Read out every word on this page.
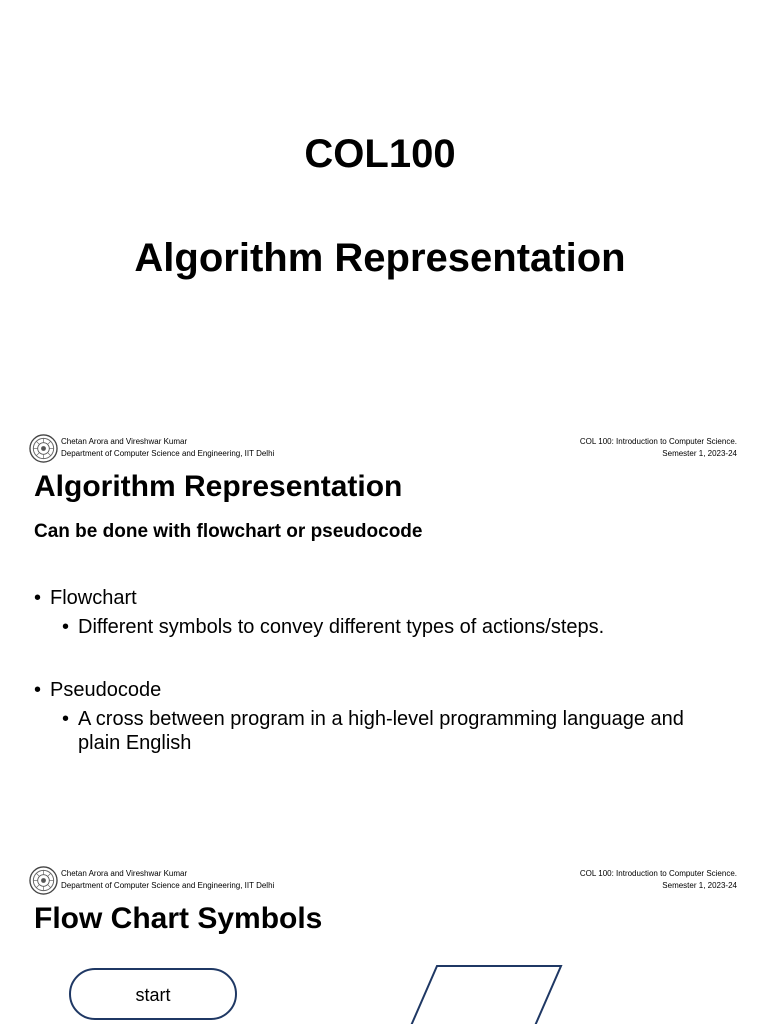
COL100
Algorithm Representation
Chetan Arora and Vireshwar Kumar
Department of Computer Science and Engineering, IIT Delhi
COL 100: Introduction to Computer Science.
Semester 1, 2023-24
Algorithm Representation
Can be done with flowchart or pseudocode
• Flowchart
• Different symbols to convey different types of actions/steps.
• Pseudocode
• A cross between program in a high-level programming language and plain English
Chetan Arora and Vireshwar Kumar
Department of Computer Science and Engineering, IIT Delhi
COL 100: Introduction to Computer Science.
Semester 1, 2023-24
Flow Chart Symbols
start
